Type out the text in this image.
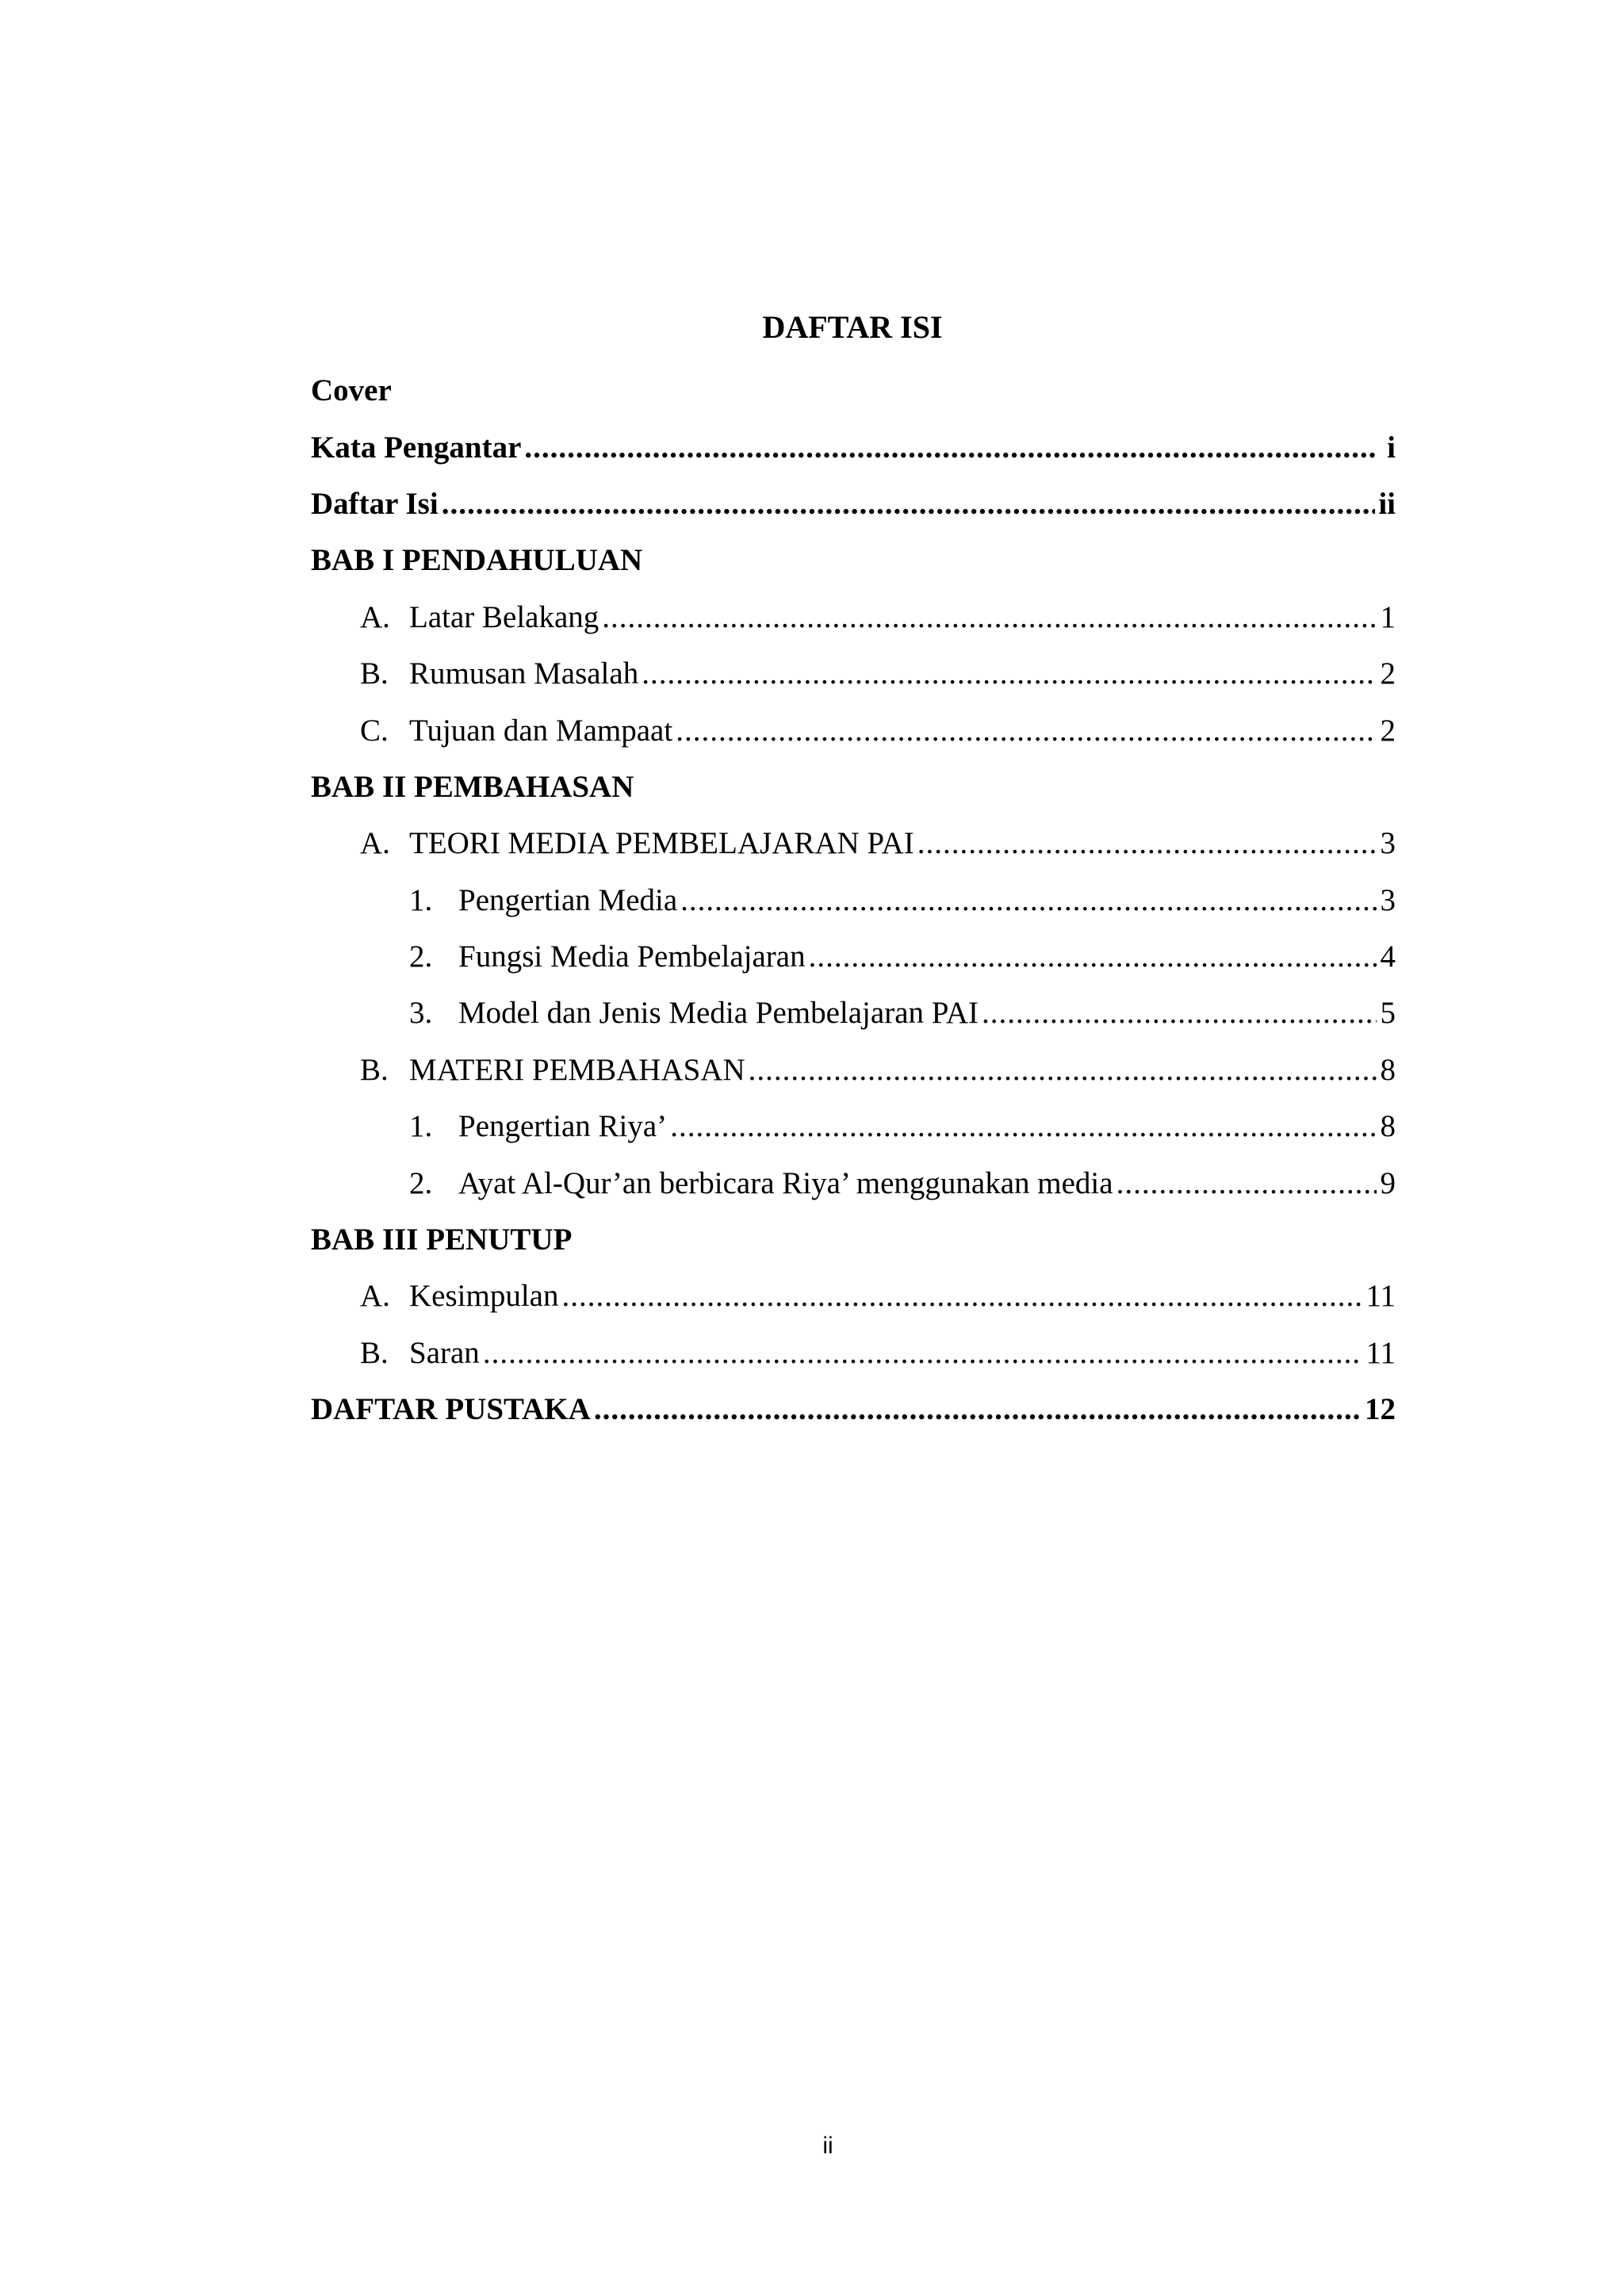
DAFTAR ISI
Cover
Kata Pengantar .....	i
Daftar Isi .....	ii
BAB I PENDAHULUAN
A. Latar Belakang .....	1
B. Rumusan Masalah .....	2
C. Tujuan dan Mampaat .....	2
BAB II PEMBAHASAN
A. TEORI MEDIA PEMBELAJARAN PAI .....	3
1. Pengertian Media .....	3
2. Fungsi Media Pembelajaran .....	4
3. Model dan Jenis Media Pembelajaran PAI .....	5
B. MATERI PEMBAHASAN .....	8
1. Pengertian Riya’ .....	8
2. Ayat Al-Qur’an berbicara Riya’ menggunakan media .....	9
BAB III PENUTUP
A. Kesimpulan .....	11
B. Saran .....	11
DAFTAR PUSTAKA .....	12
ii
